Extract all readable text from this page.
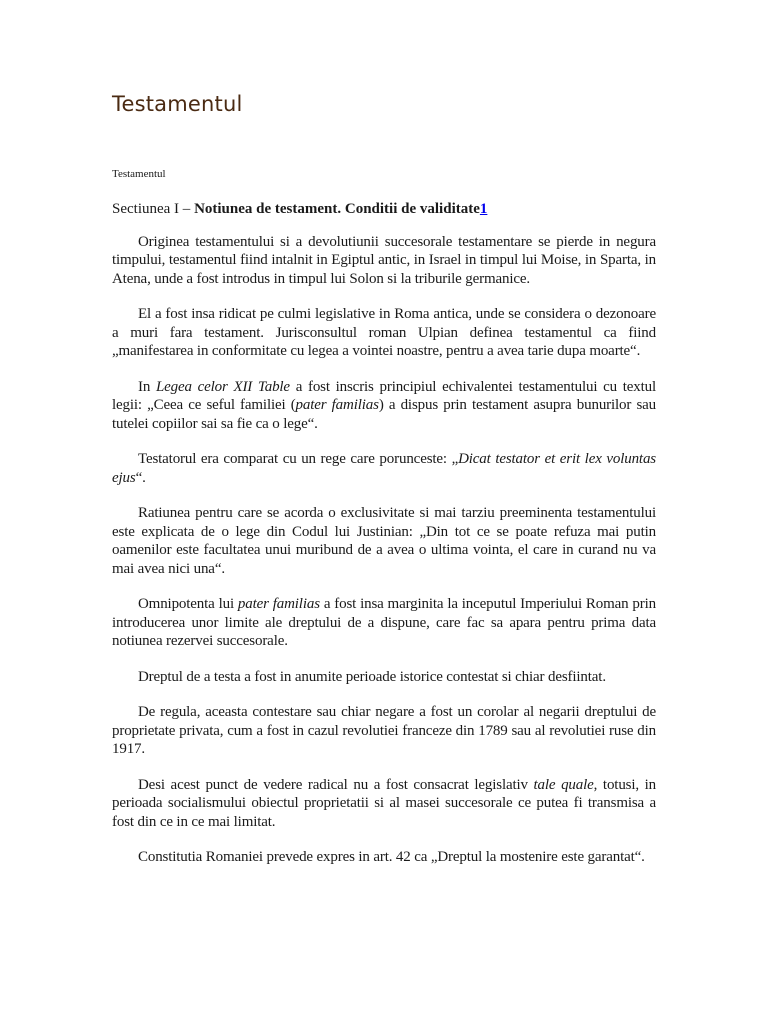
Testamentul
Testamentul
Sectiunea I – Notiunea de testament. Conditii de validitate1

Originea testamentului si a devolutiunii succesorale testamentare se pierde in negura timpului, testamentul fiind intalnit in Egiptul antic, in Israel in timpul lui Moise, in Sparta, in Atena, unde a fost introdus in timpul lui Solon si la triburile germanice.

El a fost insa ridicat pe culmi legislative in Roma antica, unde se considera o dezonoare a muri fara testament. Jurisconsultul roman Ulpian definea testamentul ca fiind „manifestarea in conformitate cu legea a vointei noastre, pentru a avea tarie dupa moarte“.

In Legea celor XII Table a fost inscris principiul echivalentei testamentului cu textul legii: „Ceea ce seful familiei (pater familias) a dispus prin testament asupra bunurilor sau tutelei copiilor sai sa fie ca o lege“.

Testatorul era comparat cu un rege care porunceste: „Dicat testator et erit lex voluntas ejus“.

Ratiunea pentru care se acorda o exclusivitate si mai tarziu preeminenta testamentului este explicata de o lege din Codul lui Justinian: „Din tot ce se poate refuza mai putin oamenilor este facultatea unui muribund de a avea o ultima vointa, el care in curand nu va mai avea nici una“.

Omnipotenta lui pater familias a fost insa marginita la inceputul Imperiului Roman prin introducerea unor limite ale dreptului de a dispune, care fac sa apara pentru prima data notiunea rezervei succesorale.

Dreptul de a testa a fost in anumite perioade istorice contestat si chiar desfiintat.

De regula, aceasta contestare sau chiar negare a fost un corolar al negarii dreptului de proprietate privata, cum a fost in cazul revolutiei franceze din 1789 sau al revolutiei ruse din 1917.

Desi acest punct de vedere radical nu a fost consacrat legislativ tale quale, totusi, in perioada socialismului obiectul proprietatii si al masei succesorale ce putea fi transmisa a fost din ce in ce mai limitat.

Constitutia Romaniei prevede expres in art. 42 ca „Dreptul la mostenire este garantat“.
